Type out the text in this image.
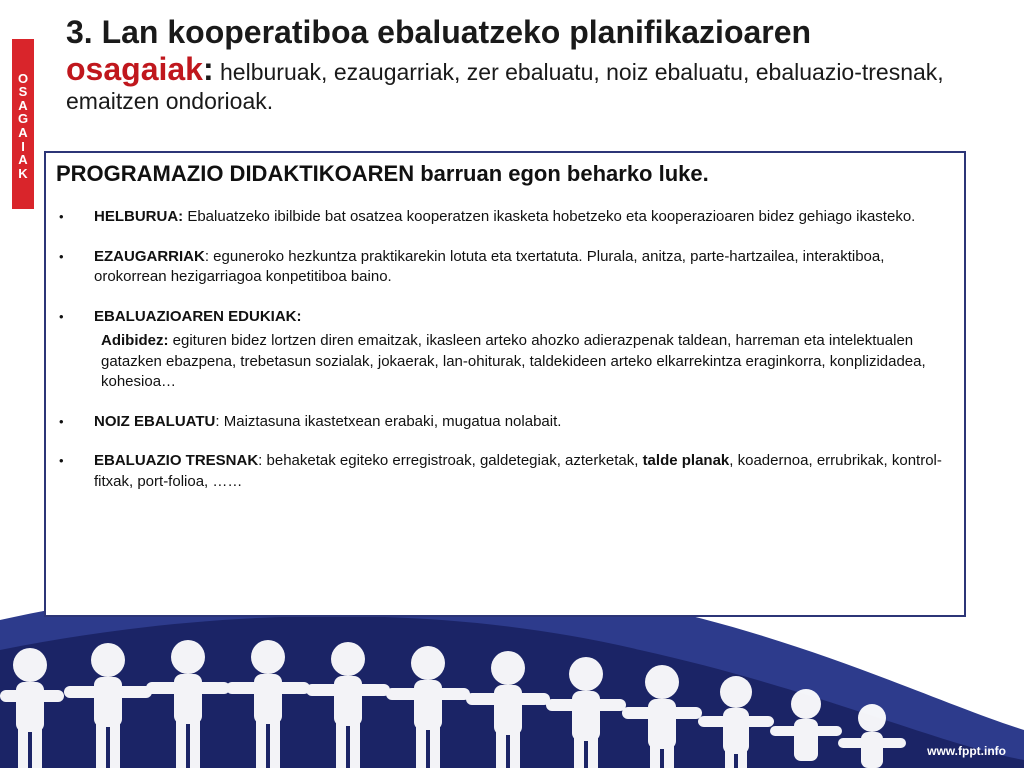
O
S
A
G
A
I
A
K
3. Lan kooperatiboa ebaluatzeko planifikazioaren
osagaiak: helburuak, ezaugarriak, zer ebaluatu, noiz ebaluatu, ebaluazio-tresnak, emaitzen ondorioak.
PROGRAMAZIO DIDAKTIKOAREN barruan egon beharko luke.
• HELBURUA: Ebaluatzeko ibilbide bat osatzea kooperatzen ikasketa hobetzeko eta kooperazioaren bidez gehiago ikasteko.
• EZAUGARRIAK: eguneroko hezkuntza praktikarekin lotuta eta txertatuta. Plurala, anitza, parte-hartzailea, interaktiboa, orokorrean hezigarriagoa konpetitiboa baino.
• EBALUAZIOAREN EDUKIAK:
Adibidez: egituren bidez lortzen diren emaitzak, ikasleen arteko ahozko adierazpenak taldean, harreman eta intelektualen gatazken ebazpena, trebetasun sozialak, jokaerak, lan-ohiturak, taldekideen arteko elkarrekintza eraginkorra, konplizidadea, kohesioa…
• NOIZ EBALUATU: Maiztasuna ikastetxean erabaki, mugatua nolabait.
• EBALUAZIO TRESNAK: behaketak egiteko erregistroak, galdetegiak, azterketak, talde planak, koadernoa, errubrikak, kontrol-fitxak, port-folioa, ……
www.fppt.info
